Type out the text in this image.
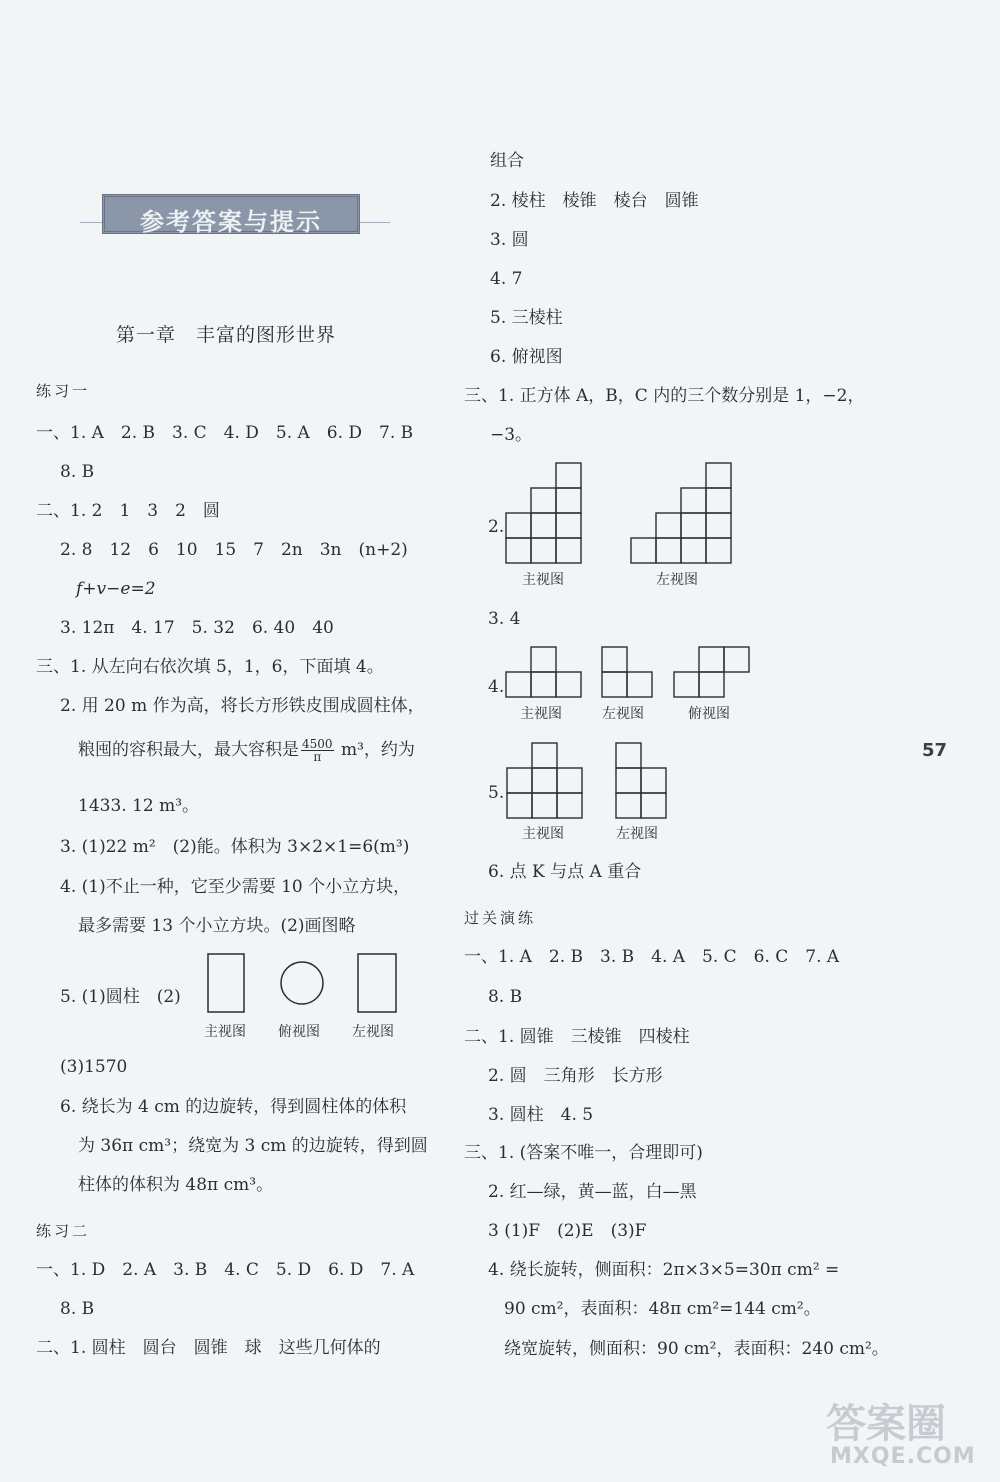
参考答案与提示
第一章　丰富的图形世界
57
练习一
一、1. A　2. B　3. C　4. D　5. A　6. D　7. B
8. B
二、1. 2　1　3　2　圆
2. 8　12　6　10　15　7　2n　3n　(n+2)
f+v−e=2
3. 12π　4. 17　5. 32　6. 40　40
三、1. 从左向右依次填 5，1，6，下面填 4。
2. 用 20 m 作为高，将长方形铁皮围成圆柱体，
粮囤的容积最大，最大容积是 $\frac{4500}{\pi} m^3$，约为
1433. 12 m³。
3. (1)22 m²　(2)能。体积为 3×2×1=6(m³)
4. (1)不止一种，它至少需要 10 个小立方块，
最多需要 13 个小立方块。(2)画图略
5. (1)圆柱　(2)
主视图 俯视图 左视图
(3)1570
6. 绕长为 4 cm 的边旋转，得到圆柱体的体积
为 36π cm³；绕宽为 3 cm 的边旋转，得到圆
柱体的体积为 48π cm³。
练习二
一、1. D　2. A　3. B　4. C　5. D　6. D　7. A
8. B
二、1. 圆柱　圆台　圆锥　球　这些几何体的
组合
2. 棱柱　棱锥　棱台　圆锥
3. 圆
4. 7
5. 三棱柱
6. 俯视图
三、1. 正方体 A，B，C 内的三个数分别是 1，−2，
−3。
2.
主视图	左视图
3. 4
4.
主视图	左视图	俯视图
5.
主视图	左视图
6. 点 K 与点 A 重合
过关演练
一、1. A　2. B　3. B　4. A　5. C　6. C　7. A
8. B
二、1. 圆锥　三棱锥　四棱柱
2. 圆　三角形　长方形
3. 圆柱　4. 5
三、1. (答案不唯一，合理即可)
2. 红—绿，黄—蓝，白—黑
3 (1)F　(2)E　(3)F
4. 绕长旋转，侧面积：2π×3×5=30π cm² =
90 cm²，表面积：48π cm²=144 cm²。
绕宽旋转，侧面积：90 cm²，表面积：240 cm²。
答案圈
MXQE.COM
